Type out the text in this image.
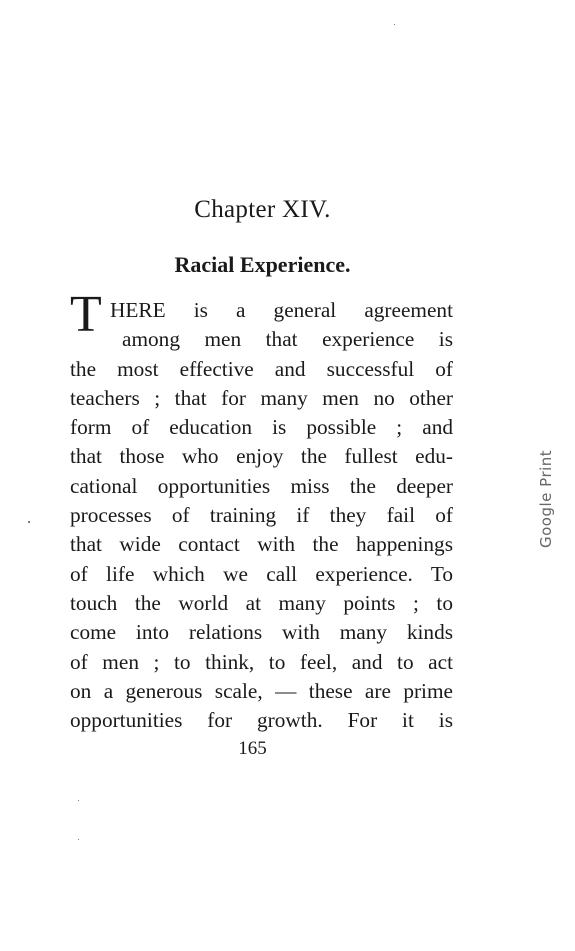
Chapter XIV.
Racial Experience.
T HERE is a general agreement
among men that experience is
the most effective and successful of
teachers ; that for many men no other
form of education is possible ; and
that those who enjoy the fullest edu-
cational opportunities miss the deeper
processes of training if they fail of
that wide contact with the happenings
of life which we call experience. To
touch the world at many points ; to
come into relations with many kinds
of men ; to think, to feel, and to act
on a generous scale, — these are prime
opportunities for growth. For it is
165
Google Print
